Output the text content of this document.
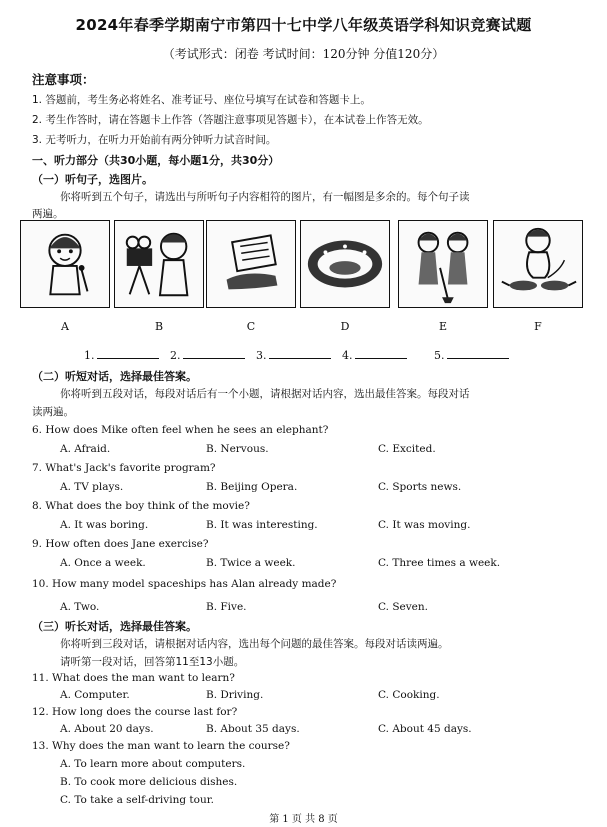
2024年春季学期南宁市第四十七中学八年级英语学科知识竞赛试题
（考试形式：闭卷 考试时间：120分钟 分值120分）
注意事项：
1. 答题前，考生务必将姓名、准考证号、座位号填写在试卷和答题卡上。
2. 考生作答时，请在答题卡上作答（答题注意事项见答题卡），在本试卷上作答无效。
3. 无考听力，在听力开始前有两分钟听力试音时间。
一、听力部分（共30小题，每小题1分，共30分）
（一）听句子，选图片。
你将听到五个句子，请选出与所听句子内容相符的图片，有一幅图是多余的。每个句子读
两遍。
A	B	C	D	E	F
1.	2.	3.	4.	5.
（二）听短对话，选择最佳答案。
你将听到五段对话，每段对话后有一个小题，请根据对话内容，选出最佳答案。每段对话
读两遍。
6. How does Mike often feel when he sees an elephant?
A. Afraid.	B. Nervous.	C. Excited.
7. What's Jack's favorite program?
A. TV plays.	B. Beijing Opera.	C. Sports news.
8. What does the boy think of the movie?
A. It was boring.	B. It was interesting.	C. It was moving.
9. How often does Jane exercise?
A. Once a week.	B. Twice a week.	C. Three times a week.
10. How many model spaceships has Alan already made?
A. Two.	B. Five.	C. Seven.
（三）听长对话，选择最佳答案。
你将听到三段对话，请根据对话内容，选出每个问题的最佳答案。每段对话读两遍。
请听第一段对话，回答第11至13小题。
11. What does the man want to learn?
A. Computer.	B. Driving.	C. Cooking.
12. How long does the course last for?
A. About 20 days.	B. About 35 days.	C. About 45 days.
13. Why does the man want to learn the course?
A. To learn more about computers.
B. To cook more delicious dishes.
C. To take a self-driving tour.
第 1 页 共 8 页
